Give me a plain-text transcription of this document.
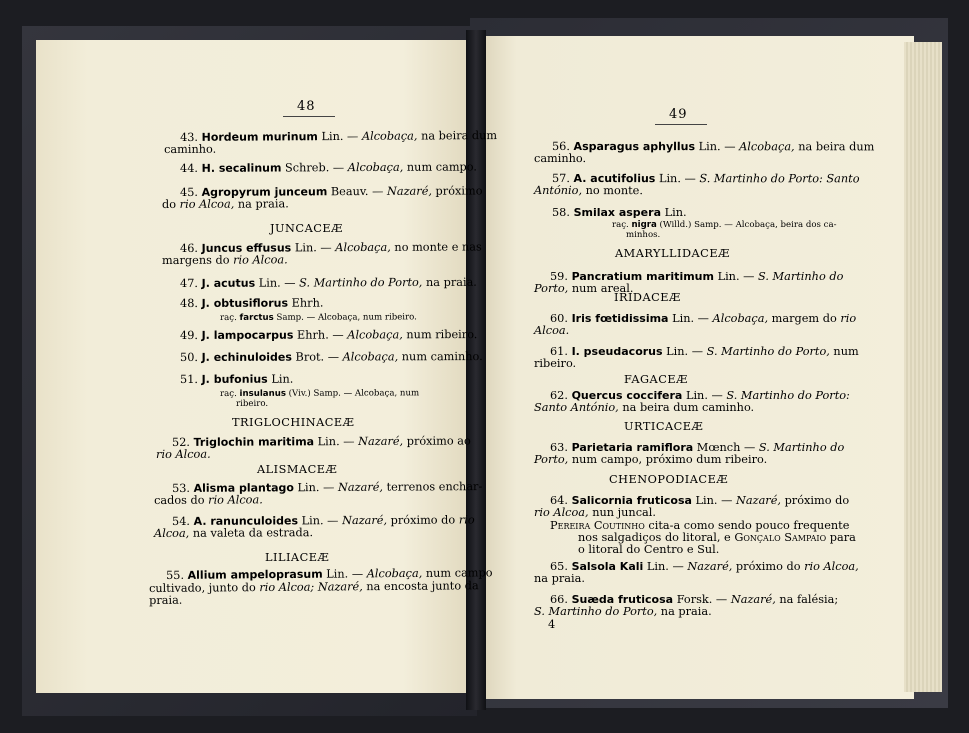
48
49
43. Hordeum murinum Lin. — Alcobaça, na beira dum
caminho.
44. H. secalinum Schreb. — Alcobaça, num campo.
45. Agropyrum junceum Beauv. — Nazaré, próximo
do rio Alcoa, na praia.
JUNCACEÆ
46. Juncus effusus Lin. — Alcobaça, no monte e nas
margens do rio Alcoa.
47. J. acutus Lin. — S. Martinho do Porto, na praia.
48. J. obtusiflorus Ehrh.
raç. farctus Samp. — Alcobaça, num ribeiro.
49. J. lampocarpus Ehrh. — Alcobaça, num ribeiro.
50. J. echinuloides Brot. — Alcobaça, num caminho.
51. J. bufonius Lin.
raç. insulanus (Viv.) Samp. — Alcobaça, num
ribeiro.
TRIGLOCHINACEÆ
52. Triglochin maritima Lin. — Nazaré, próximo ao
rio Alcoa.
ALISMACEÆ
53. Alisma plantago Lin. — Nazaré, terrenos enchar-
cados do rio Alcoa.
54. A. ranunculoides Lin. — Nazaré, próximo do rio
Alcoa, na valeta da estrada.
LILIACEÆ
55. Allium ampeloprasum Lin. — Alcobaça, num campo
cultivado, junto do rio Alcoa; Nazaré, na encosta junto da
praia.
56. Asparagus aphyllus Lin. — Alcobaça, na beira dum
caminho.
57. A. acutifolius Lin. — S. Martinho do Porto: Santo
António, no monte.
58. Smilax aspera Lin.
raç. nigra (Willd.) Samp. — Alcobaça, beira dos ca-
minhos.
AMARYLLIDACEÆ
59. Pancratium maritimum Lin. — S. Martinho do
Porto, num areal.
IRIDACEÆ
60. Iris fœtidissima Lin. — Alcobaça, margem do rio
Alcoa.
61. I. pseudacorus Lin. — S. Martinho do Porto, num
ribeiro.
FAGACEÆ
62. Quercus coccifera Lin. — S. Martinho do Porto:
Santo António, na beira dum caminho.
URTICACEÆ
63. Parietaria ramiflora Mœnch — S. Martinho do
Porto, num campo, próximo dum ribeiro.
CHENOPODIACEÆ
64. Salicornia fruticosa Lin. — Nazaré, próximo do
rio Alcoa, nun juncal.
Pereira Coutinho cita-a como sendo pouco frequente
nos salgadiços do litoral, e Gonçalo Sampaio para
o litoral do Centro e Sul.
65. Salsola Kali Lin. — Nazaré, próximo do rio Alcoa,
na praia.
66. Suæda fruticosa Forsk. — Nazaré, na falésia;
S. Martinho do Porto, na praia.
4
